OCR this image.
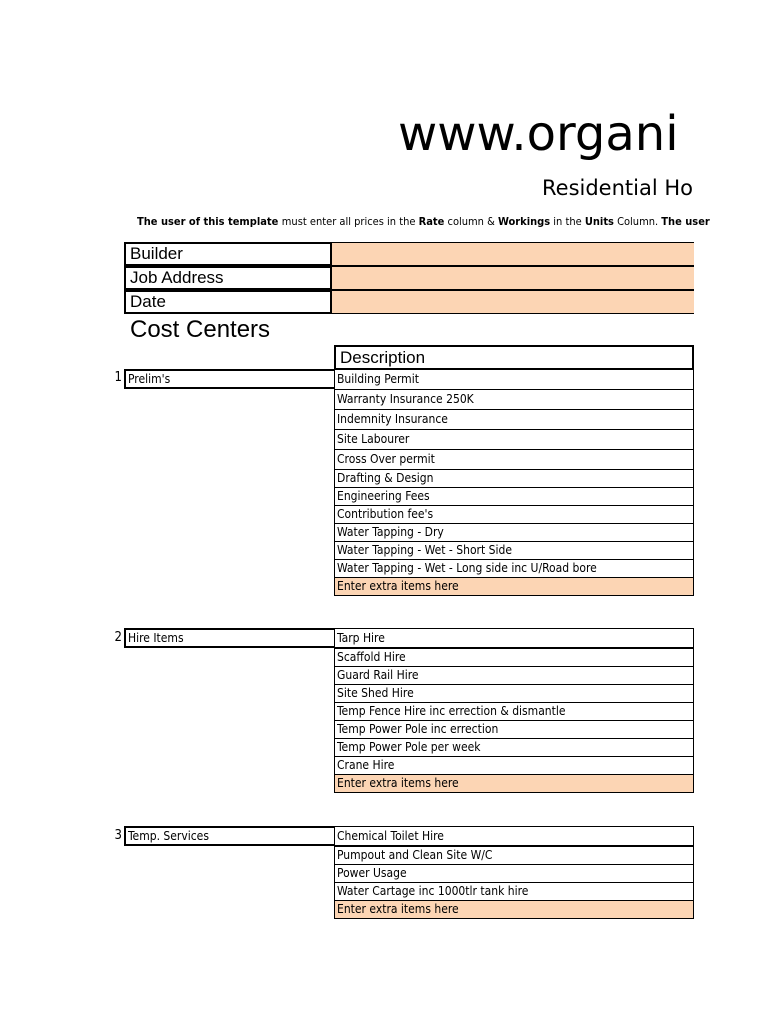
www.organi
Residential Ho
The user of this template must enter all prices in the Rate column & Workings in the Units Column. The user
Builder
Job Address
Date
Cost Centers
Description
1 Prelim's	Building Permit
Warranty Insurance 250K
Indemnity Insurance
Site Labourer
Cross Over permit
Drafting & Design
Engineering Fees
Contribution fee's
Water Tapping - Dry
Water Tapping - Wet - Short Side
Water Tapping - Wet - Long side inc U/Road bore
Enter extra items here
2 Hire Items	Tarp Hire
Scaffold Hire
Guard Rail Hire
Site Shed Hire
Temp Fence Hire inc errection & dismantle
Temp Power Pole inc errection
Temp Power Pole per week
Crane Hire
Enter extra items here
3 Temp. Services	Chemical Toilet Hire
Pumpout and Clean Site W/C
Power Usage
Water Cartage inc 1000tlr tank hire
Enter extra items here
